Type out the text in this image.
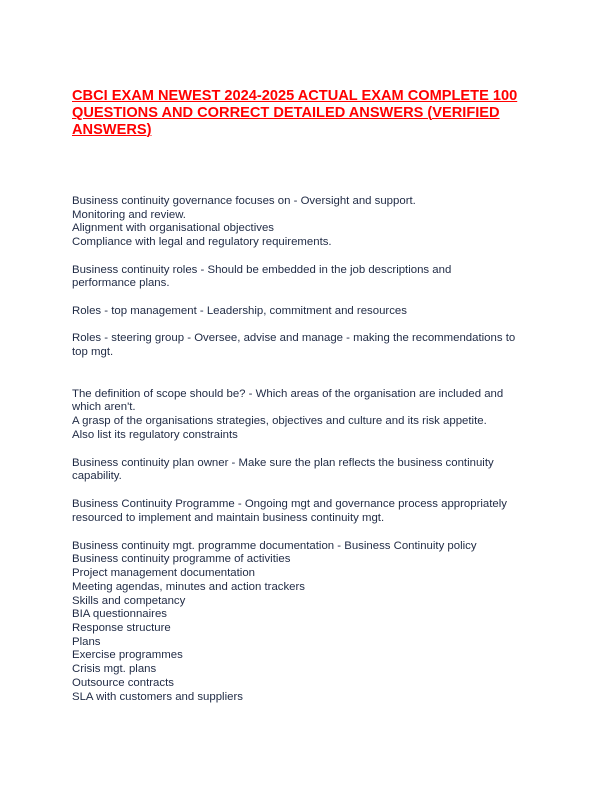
CBCI EXAM NEWEST 2024-2025 ACTUAL EXAM COMPLETE 100
QUESTIONS AND CORRECT DETAILED ANSWERS (VERIFIED
ANSWERS)
Business continuity governance focuses on - Oversight and support.
Monitoring and review.
Alignment with organisational objectives
Compliance with legal and regulatory requirements.
Business continuity roles - Should be embedded in the job descriptions and
performance plans.
Roles - top management - Leadership, commitment and resources
Roles - steering group - Oversee, advise and manage - making the recommendations to
top mgt.
The definition of scope should be? - Which areas of the organisation are included and
which aren't.
A grasp of the organisations strategies, objectives and culture and its risk appetite.
Also list its regulatory constraints
Business continuity plan owner - Make sure the plan reflects the business continuity
capability.
Business Continuity Programme - Ongoing mgt and governance process appropriately
resourced to implement and maintain business continuity mgt.
Business continuity mgt. programme documentation - Business Continuity policy
Business continuity programme of activities
Project management documentation
Meeting agendas, minutes and action trackers
Skills and competancy
BIA questionnaires
Response structure
Plans
Exercise programmes
Crisis mgt. plans
Outsource contracts
SLA with customers and suppliers
